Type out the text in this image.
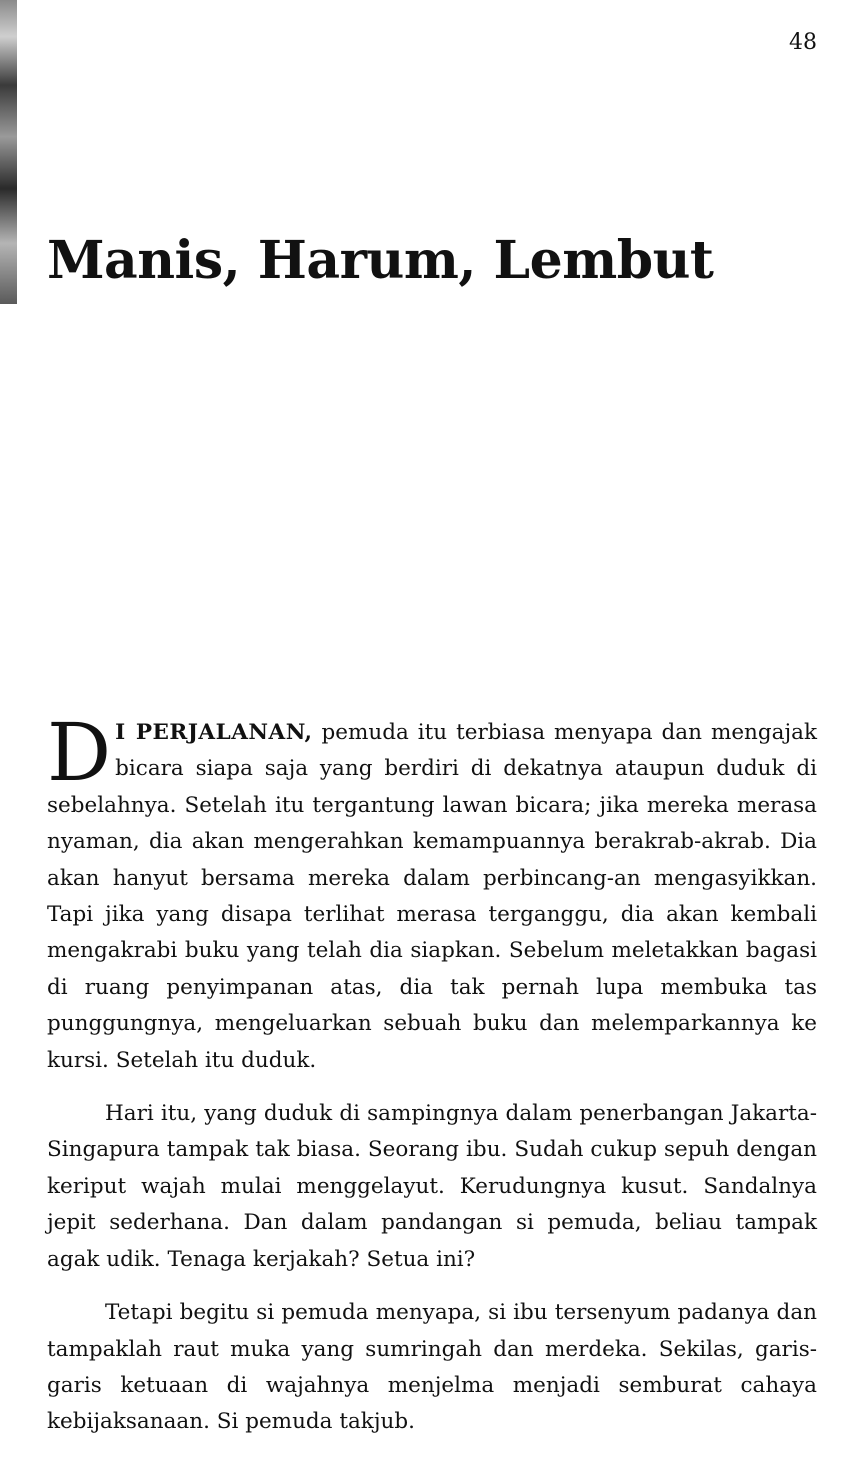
48
Manis, Harum, Lembut

D I PERJALANAN, pemuda itu terbiasa menyapa dan mengajak bicara siapa saja yang berdiri di dekatnya ataupun duduk di sebelahnya. Setelah itu tergantung lawan bicara; jika mereka merasa nyaman, dia akan mengerahkan kemampuannya berakrab-akrab. Dia akan hanyut bersama mereka dalam perbincang-an mengasyikkan. Tapi jika yang disapa terlihat merasa terganggu, dia akan kembali mengakrabi buku yang telah dia siapkan. Sebelum meletakkan bagasi di ruang penyimpanan atas, dia tak pernah lupa membuka tas punggungnya, mengeluarkan sebuah buku dan melemparkannya ke kursi. Setelah itu duduk.

Hari itu, yang duduk di sampingnya dalam penerbangan Jakarta-Singapura tampak tak biasa. Seorang ibu. Sudah cukup sepuh dengan keriput wajah mulai menggelayut. Kerudungnya kusut. Sandalnya jepit sederhana. Dan dalam pandangan si pemuda, beliau tampak agak udik. Tenaga kerjakah? Setua ini?

Tetapi begitu si pemuda menyapa, si ibu tersenyum padanya dan tampaklah raut muka yang sumringah dan merdeka. Sekilas, garis-garis ketuaan di wajahnya menjelma menjadi semburat cahaya kebijaksanaan. Si pemuda takjub.
